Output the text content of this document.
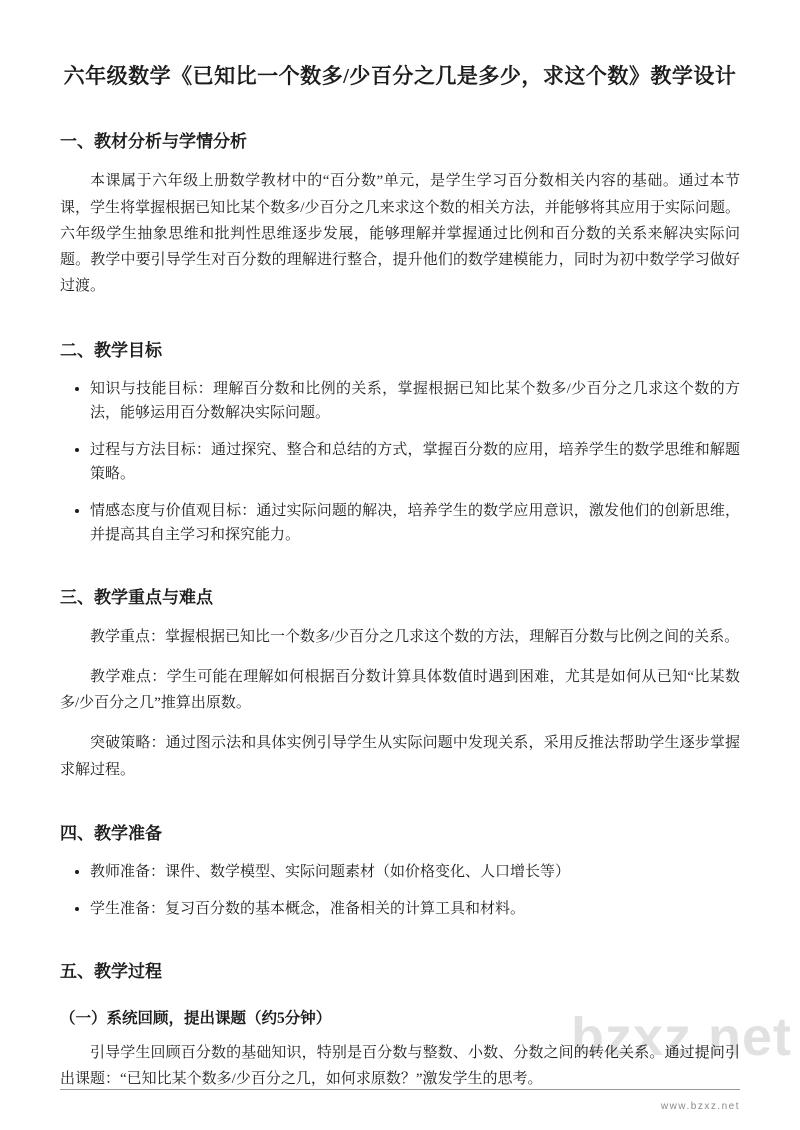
六年级数学《已知比一个数多/少百分之几是多少，求这个数》教学设计
一、教材分析与学情分析

本课属于六年级上册数学教材中的“百分数”单元，是学生学习百分数相关内容的基础。通过本节课，学生将掌握根据已知比某个数多/少百分之几来求这个数的相关方法，并能够将其应用于实际问题。六年级学生抽象思维和批判性思维逐步发展，能够理解并掌握通过比例和百分数的关系来解决实际问题。教学中要引导学生对百分数的理解进行整合，提升他们的数学建模能力，同时为初中数学学习做好过渡。

二、教学目标
• 知识与技能目标：理解百分数和比例的关系，掌握根据已知比某个数多/少百分之几求这个数的方法，能够运用百分数解决实际问题。
• 过程与方法目标：通过探究、整合和总结的方式，掌握百分数的应用，培养学生的数学思维和解题策略。
• 情感态度与价值观目标：通过实际问题的解决，培养学生的数学应用意识，激发他们的创新思维，并提高其自主学习和探究能力。
三、教学重点与难点

教学重点：掌握根据已知比一个数多/少百分之几求这个数的方法，理解百分数与比例之间的关系。

教学难点：学生可能在理解如何根据百分数计算具体数值时遇到困难，尤其是如何从已知“比某数多/少百分之几”推算出原数。

突破策略：通过图示法和具体实例引导学生从实际问题中发现关系，采用反推法帮助学生逐步掌握求解过程。

四、教学准备
• 教师准备：课件、数学模型、实际问题素材（如价格变化、人口增长等）
• 学生准备：复习百分数的基本概念，准备相关的计算工具和材料。
五、教学过程
（一）系统回顾，提出课题（约5分钟）

引导学生回顾百分数的基础知识，特别是百分数与整数、小数、分数之间的转化关系。通过提问引出课题：“已知比某个数多/少百分之几，如何求原数？”激发学生的思考。

bzxz.net
www.bzxz.net
